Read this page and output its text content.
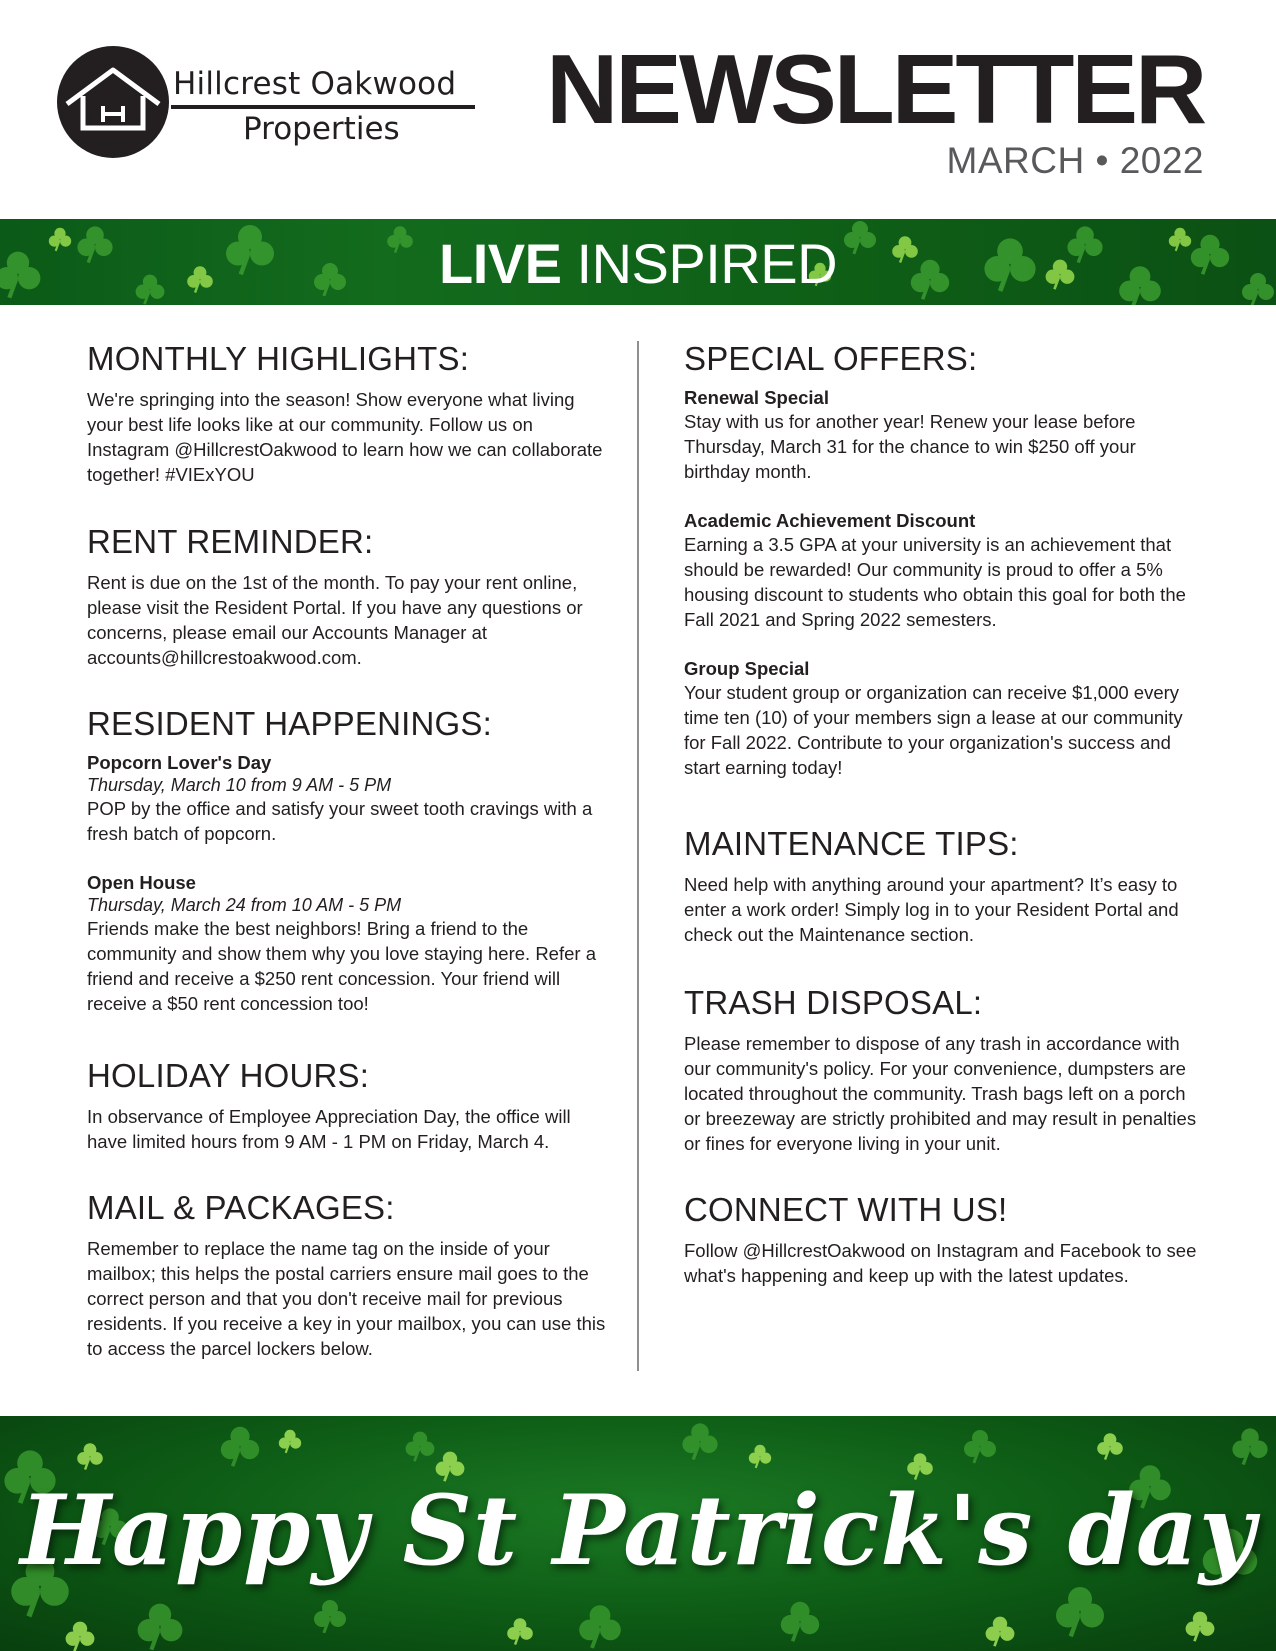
Hillcrest Oakwood
Properties NEWSLETTER
MARCH • 2022
LIVE INSPIRED
MONTHLY HIGHLIGHTS:

We're springing into the season! Show everyone what living your best life looks like at our community. Follow us on Instagram @HillcrestOakwood to learn how we can collaborate together! #VIExYOU

RENT REMINDER:

Rent is due on the 1st of the month. To pay your rent online, please visit the Resident Portal. If you have any questions or concerns, please email our Accounts Manager at accounts@hillcrestoakwood.com.

RESIDENT HAPPENINGS:
Popcorn Lover's Day
Thursday, March 10 from 9 AM - 5 PM

POP by the office and satisfy your sweet tooth cravings with a fresh batch of popcorn.

Open House
Thursday, March 24 from 10 AM - 5 PM

Friends make the best neighbors! Bring a friend to the community and show them why you love staying here. Refer a friend and receive a $250 rent concession. Your friend will receive a $50 rent concession too!

HOLIDAY HOURS:

In observance of Employee Appreciation Day, the office will have limited hours from 9 AM - 1 PM on Friday, March 4.

MAIL & PACKAGES:

Remember to replace the name tag on the inside of your mailbox; this helps the postal carriers ensure mail goes to the correct person and that you don't receive mail for previous residents. If you receive a key in your mailbox, you can use this to access the parcel lockers below.

SPECIAL OFFERS:
Renewal Special

Stay with us for another year! Renew your lease before Thursday, March 31 for the chance to win $250 off your birthday month.

Academic Achievement Discount

Earning a 3.5 GPA at your university is an achievement that should be rewarded! Our community is proud to offer a 5% housing discount to students who obtain this goal for both the Fall 2021 and Spring 2022 semesters.

Group Special

Your student group or organization can receive $1,000 every time ten (10) of your members sign a lease at our community for Fall 2022. Contribute to your organization's success and start earning today!

MAINTENANCE TIPS:

Need help with anything around your apartment? It’s easy to enter a work order! Simply log in to your Resident Portal and check out the Maintenance section.

TRASH DISPOSAL:

Please remember to dispose of any trash in accordance with our community's policy. For your convenience, dumpsters are located throughout the community. Trash bags left on a porch or breezeway are strictly prohibited and may result in penalties or fines for everyone living in your unit.

CONNECT WITH US!

Follow @HillcrestOakwood on Instagram and Facebook to see what's happening and keep up with the latest updates.

Happy St Patrick's day
